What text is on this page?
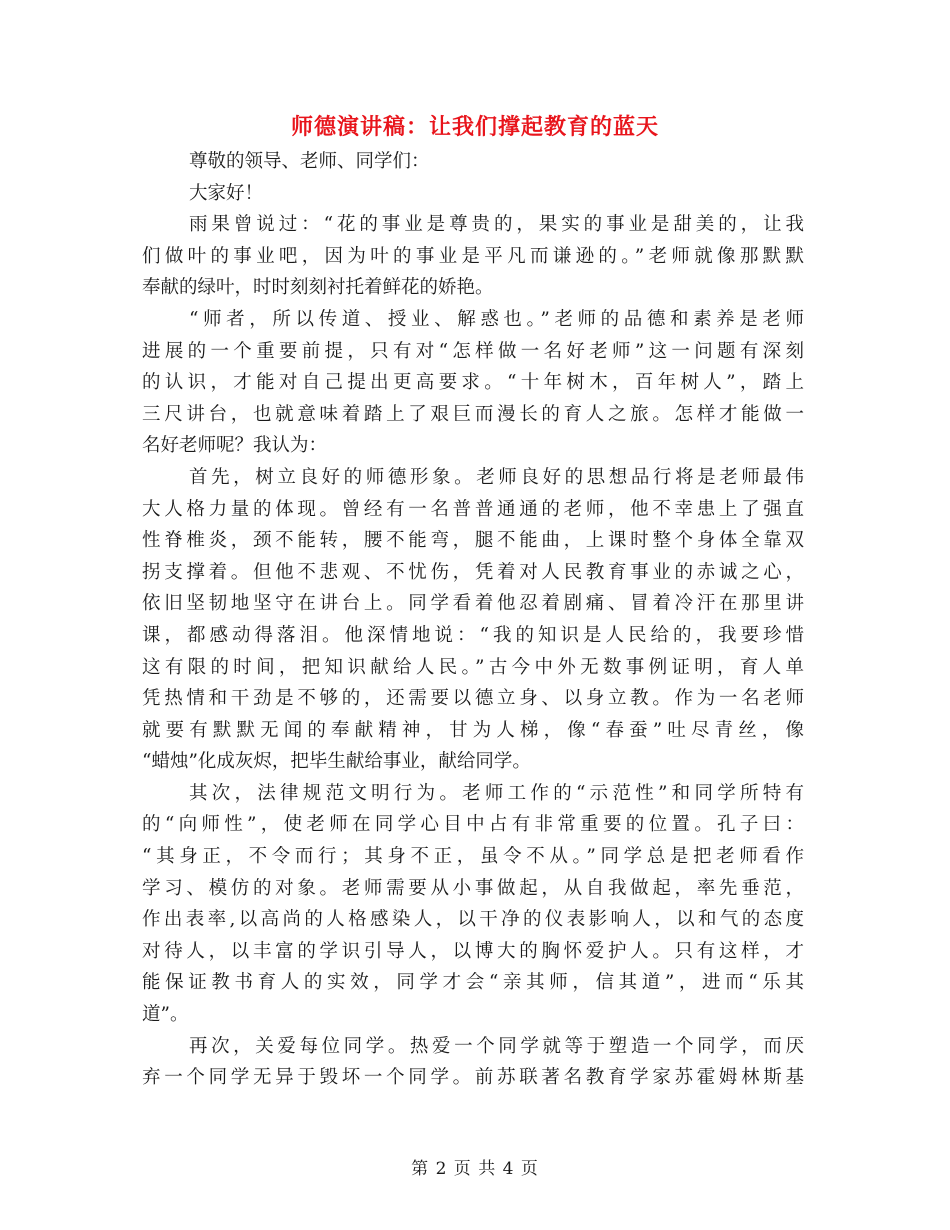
师德演讲稿：让我们撑起教育的蓝天
尊敬的领导、老师、同学们：
大家好！
雨果曾说过：“花的事业是尊贵的，果实的事业是甜美的，让我
们做叶的事业吧，因为叶的事业是平凡而谦逊的。”老师就像那默默
奉献的绿叶，时时刻刻衬托着鲜花的娇艳。
“师者，所以传道、授业、解惑也。”老师的品德和素养是老师
进展的一个重要前提，只有对“怎样做一名好老师”这一问题有深刻
的认识，才能对自己提出更高要求。“十年树木，百年树人”，踏上
三尺讲台，也就意味着踏上了艰巨而漫长的育人之旅。怎样才能做一
名好老师呢？我认为：
首先，树立良好的师德形象。老师良好的思想品行将是老师最伟
大人格力量的体现。曾经有一名普普通通的老师，他不幸患上了强直
性脊椎炎，颈不能转，腰不能弯，腿不能曲，上课时整个身体全靠双
拐支撑着。但他不悲观、不忧伤，凭着对人民教育事业的赤诚之心，
依旧坚韧地坚守在讲台上。同学看着他忍着剧痛、冒着冷汗在那里讲
课，都感动得落泪。他深情地说：“我的知识是人民给的，我要珍惜
这有限的时间，把知识献给人民。”古今中外无数事例证明，育人单
凭热情和干劲是不够的，还需要以德立身、以身立教。作为一名老师
就要有默默无闻的奉献精神，甘为人梯，像“春蚕”吐尽青丝，像
“蜡烛”化成灰烬，把毕生献给事业，献给同学。
其次，法律规范文明行为。老师工作的“示范性”和同学所特有
的“向师性”，使老师在同学心目中占有非常重要的位置。孔子曰：
“其身正，不令而行；其身不正，虽令不从。”同学总是把老师看作
学习、模仿的对象。老师需要从小事做起，从自我做起，率先垂范，
作出表率,以高尚的人格感染人，以干净的仪表影响人，以和气的态度
对待人，以丰富的学识引导人，以博大的胸怀爱护人。只有这样，才
能保证教书育人的实效，同学才会“亲其师，信其道”，进而“乐其
道”。
再次，关爱每位同学。热爱一个同学就等于塑造一个同学，而厌
弃一个同学无异于毁坏一个同学。前苏联著名教育学家苏霍姆林斯基
第 2 页 共 4 页
